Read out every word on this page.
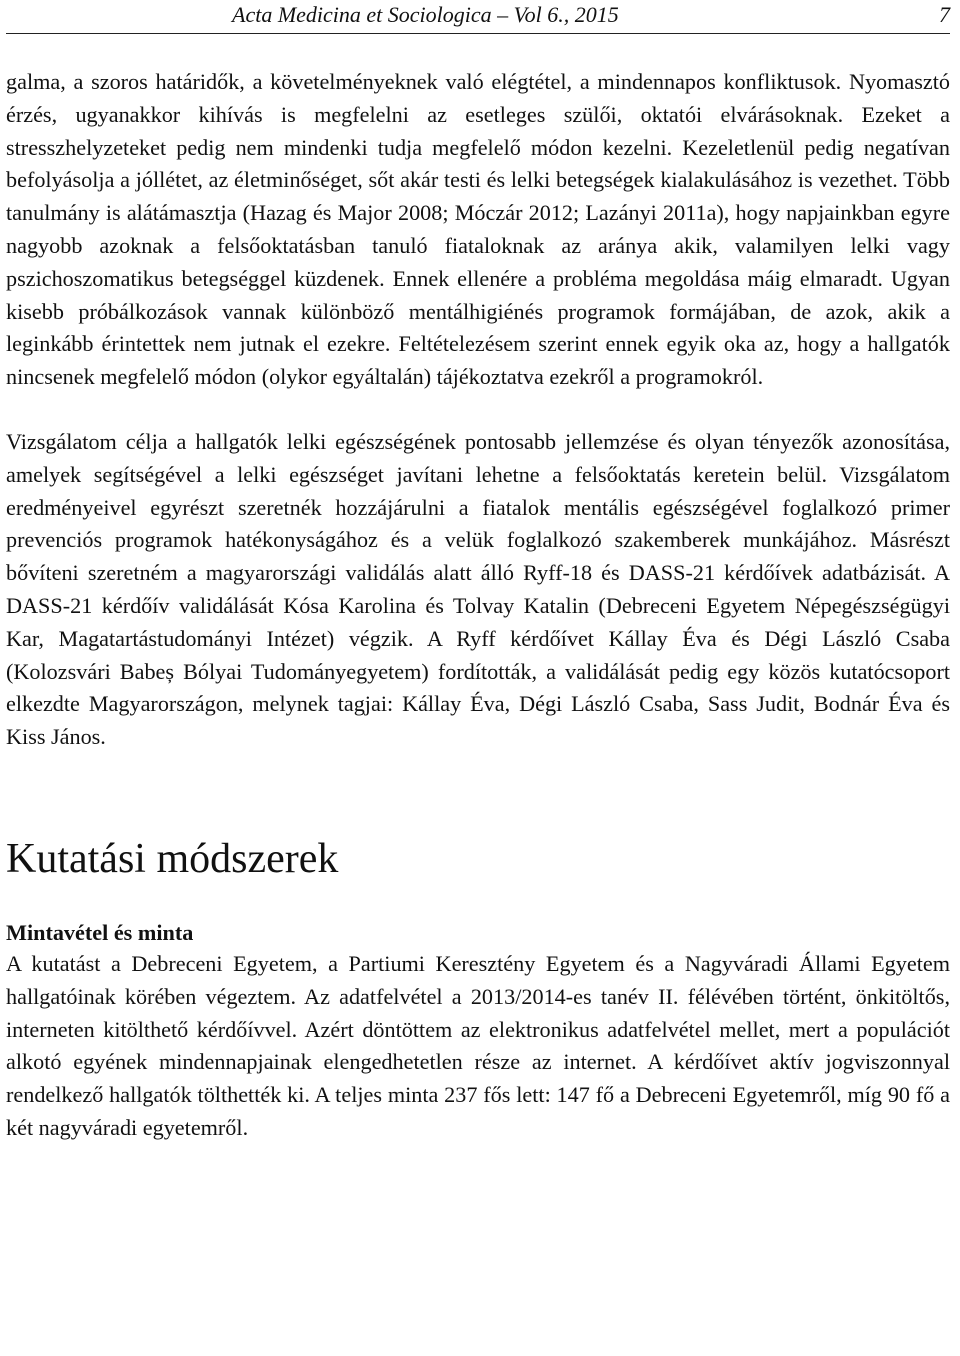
Acta Medicina et Sociologica – Vol 6., 2015	7

galma, a szoros határidők, a követelményeknek való elégtétel, a mindennapos konfliktusok. Nyomasztó érzés, ugyanakkor kihívás is megfelelni az esetleges szülői, oktatói elvárásoknak. Ezeket a stresszhelyzeteket pedig nem mindenki tudja megfelelő módon kezelni. Kezeletlenül pedig negatívan befolyásolja a jóllétet, az életminőséget, sőt akár testi és lelki betegségek kialakulásához is vezethet. Több tanulmány is alátámasztja (Hazag és Major 2008; Móczár 2012; Lazányi 2011a), hogy napjainkban egyre nagyobb azoknak a felsőoktatásban tanuló fiataloknak az aránya akik, valamilyen lelki vagy pszichoszomatikus betegséggel küzdenek. Ennek ellenére a probléma megoldása máig elmaradt. Ugyan kisebb próbálkozások vannak különböző mentálhigiénés programok formájában, de azok, akik a leginkább érintettek nem jutnak el ezekre. Feltételezésem szerint ennek egyik oka az, hogy a hallgatók nincsenek megfelelő módon (olykor egyáltalán) tájékoztatva ezekről a programokról.

Vizsgálatom célja a hallgatók lelki egészségének pontosabb jellemzése és olyan tényezők azonosítása, amelyek segítségével a lelki egészséget javítani lehetne a felsőoktatás keretein belül. Vizsgálatom eredményeivel egyrészt szeretnék hozzájárulni a fiatalok mentális egészségével foglalkozó primer prevenciós programok hatékonyságához és a velük foglalkozó szakemberek munkájához. Másrészt bővíteni szeretném a magyarországi validálás alatt álló Ryff-18 és DASS-21 kérdőívek adatbázisát. A DASS-21 kérdőív validálását Kósa Karolina és Tolvay Katalin (Debreceni Egyetem Népegészségügyi Kar, Magatartástudományi Intézet) végzik. A Ryff kérdőívet Kállay Éva és Dégi László Csaba (Kolozsvári Babeș Bólyai Tudományegyetem) fordították, a validálását pedig egy közös kutatócsoport elkezdte Magyarországon, melynek tagjai: Kállay Éva, Dégi László Csaba, Sass Judit, Bodnár Éva és Kiss János.

Kutatási módszerek
Mintavétel és minta

A kutatást a Debreceni Egyetem, a Partiumi Keresztény Egyetem és a Nagyváradi Állami Egyetem hallgatóinak körében végeztem. Az adatfelvétel a 2013/2014-es tanév II. félévében történt, önkitöltős, interneten kitölthető kérdőívvel. Azért döntöttem az elektronikus adatfelvétel mellet, mert a populációt alkotó egyének mindennapjainak elengedhetetlen része az internet. A kérdőívet aktív jogviszonnyal rendelkező hallgatók tölthették ki. A teljes minta 237 fős lett: 147 fő a Debreceni Egyetemről, míg 90 fő a két nagyváradi egyetemről.
